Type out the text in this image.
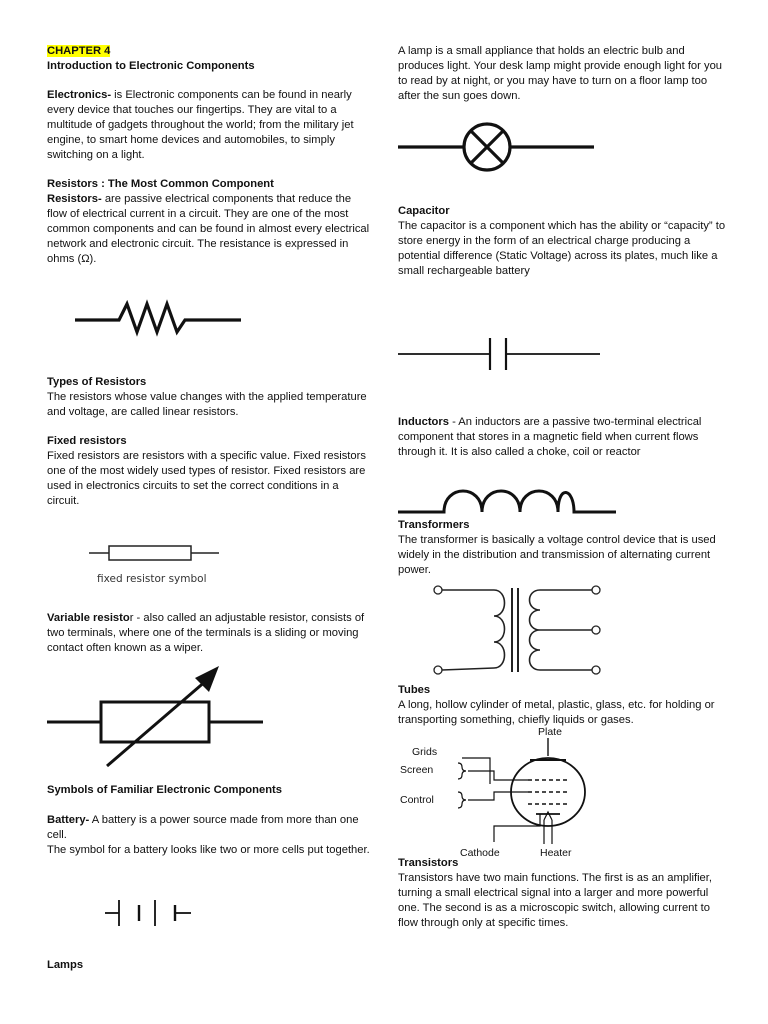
CHAPTER 4

Introduction to Electronic Components

Electronics- is Electronic components can be found in nearly every device that touches our fingertips. They are vital to a multitude of gadgets throughout the world; from the military jet engine, to smart home devices and automobiles, to simply switching on a light.

Resistors : The Most Common Component

Resistors- are passive electrical components that reduce the flow of electrical current in a circuit. They are one of the most common components and can be found in almost every electrical network and electronic circuit. The resistance is expressed in ohms (Ω).

Types of Resistors

The resistors whose value changes with the applied temperature and voltage, are called linear resistors.

Fixed resistors

Fixed resistors are resistors with a specific value. Fixed resistors one of the most widely used types of resistor. Fixed resistors are used in electronics circuits to set the correct conditions in a circuit.

fixed resistor symbol

Variable resistor - also called an adjustable resistor, consists of two terminals, where one of the terminals is a sliding or moving contact often known as a wiper.

Symbols of Familiar Electronic Components

Battery- A battery is a power source made from more than one cell.

The symbol for a battery looks like two or more cells put together.

Lamps

A lamp is a small appliance that holds an electric bulb and produces light. Your desk lamp might provide enough light for you to read by at night, or you may have to turn on a floor lamp too after the sun goes down.

Capacitor

The capacitor is a component which has the ability or “capacity” to store energy in the form of an electrical charge producing a potential difference (Static Voltage) across its plates, much like a small rechargeable battery

Inductors - An inductors are a passive two-terminal electrical component that stores in a magnetic field when current flows through it. It is also called a choke, coil or reactor

Transformers

The transformer is basically a voltage control device that is used widely in the distribution and transmission of alternating current power.

Tubes

A long, hollow cylinder of metal, plastic, glass, etc. for holding or transporting something, chiefly liquids or gases.

Plate
Grids
Screen
Control
Cathode	Heater

Transistors

Transistors have two main functions. The first is as an amplifier, turning a small electrical signal into a larger and more powerful one. The second is as a microscopic switch, allowing current to flow through only at specific times.
